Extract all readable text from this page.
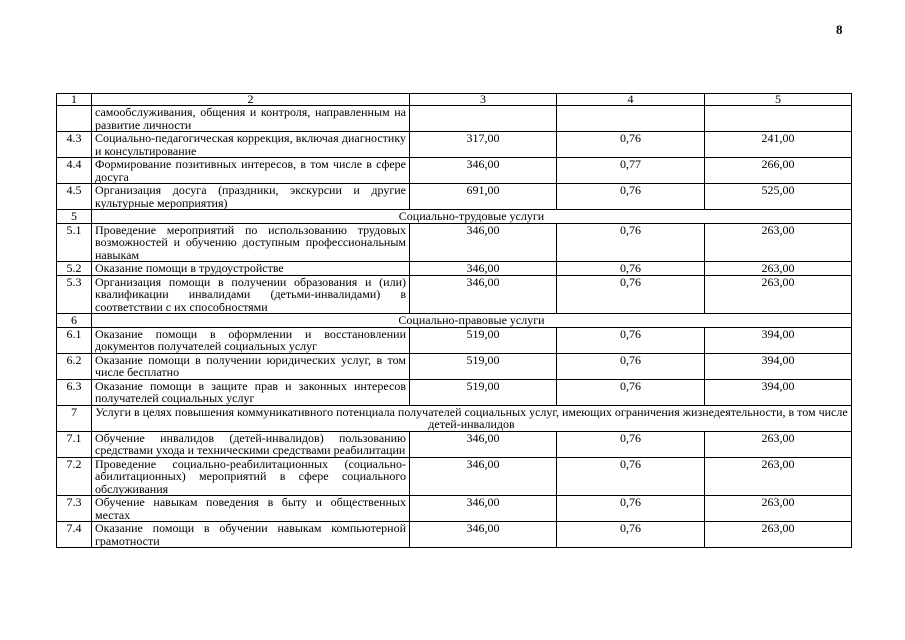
8
1	2	3	4	5
	самообслуживания, общения и контроля, направленным на развитие личности			
4.3	Социально-педагогическая коррекция, включая диагностику и консультирование	317,00	0,76	241,00
4.4	Формирование позитивных интересов, в том числе в сфере досуга	346,00	0,77	266,00
4.5	Организация досуга (праздники, экскурсии и другие культурные мероприятия)	691,00	0,76	525,00
5	Социально-трудовые услуги			
5.1	Проведение мероприятий по использованию трудовых возможностей и обучению доступным профессиональным навыкам	346,00	0,76	263,00
5.2	Оказание помощи в трудоустройстве	346,00	0,76	263,00
5.3	Организация помощи в получении образования и (или) квалификации инвалидами (детьми-инвалидами) в соответствии с их способностями	346,00	0,76	263,00
6	Социально-правовые услуги			
6.1	Оказание помощи в оформлении и восстановлении документов получателей социальных услуг	519,00	0,76	394,00
6.2	Оказание помощи в получении юридических услуг, в том числе бесплатно	519,00	0,76	394,00
6.3	Оказание помощи в защите прав и законных интересов получателей социальных услуг	519,00	0,76	394,00
7	Услуги в целях повышения коммуникативного потенциала получателей социальных услуг, имеющих ограничения жизнедеятельности, в том числе детей-инвалидов			
7.1	Обучение инвалидов (детей-инвалидов) пользованию средствами ухода и техническими средствами реабилитации	346,00	0,76	263,00
7.2	Проведение социально-реабилитационных (социально-абилитационных) мероприятий в сфере социального обслуживания	346,00	0,76	263,00
7.3	Обучение навыкам поведения в быту и общественных местах	346,00	0,76	263,00
7.4	Оказание помощи в обучении навыкам компьютерной грамотности	346,00	0,76	263,00
